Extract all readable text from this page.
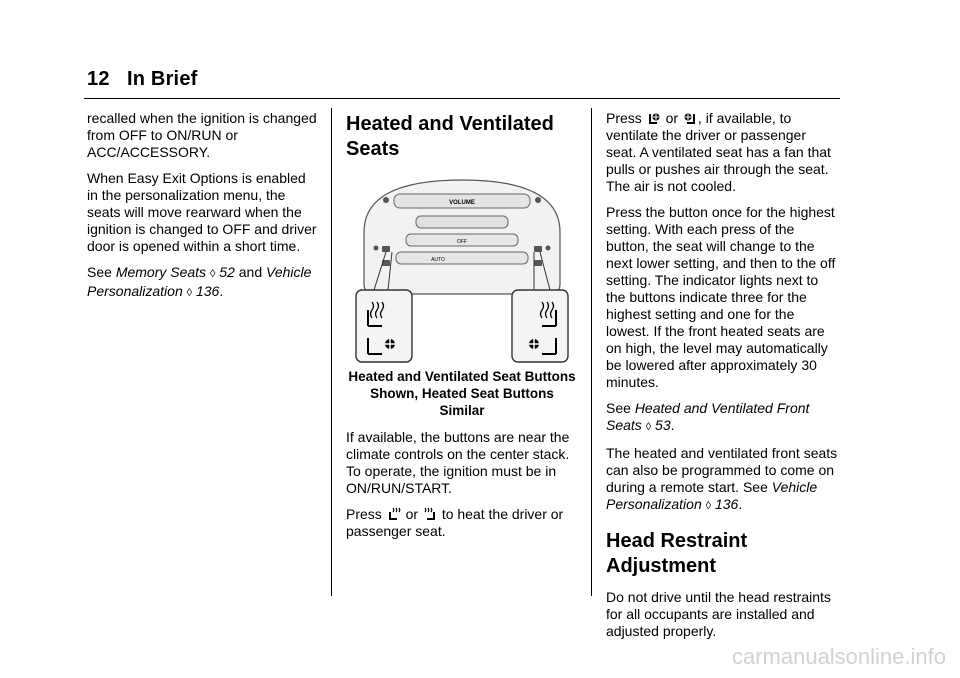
12 In Brief

recalled when the ignition is changed from OFF to ON/RUN or ACC/ACCESSORY.

When Easy Exit Options is enabled in the personalization menu, the seats will move rearward when the ignition is changed to OFF and driver door is opened within a short time.

See Memory Seats ◊ 52 and Vehicle Personalization ◊ 136.

Heated and Ventilated Seats
VOLUME
OFF
AUTO
Heated and Ventilated Seat Buttons Shown, Heated Seat Buttons Similar

If available, the buttons are near the climate controls on the center stack. To operate, the ignition must be in ON/RUN/START.

Press or to heat the driver or passenger seat.

Press or , if available, to ventilate the driver or passenger seat. A ventilated seat has a fan that pulls or pushes air through the seat. The air is not cooled.

Press the button once for the highest setting. With each press of the button, the seat will change to the next lower setting, and then to the off setting. The indicator lights next to the buttons indicate three for the highest setting and one for the lowest. If the front heated seats are on high, the level may automatically be lowered after approximately 30 minutes.

See Heated and Ventilated Front Seats ◊ 53.

The heated and ventilated front seats can also be programmed to come on during a remote start. See Vehicle Personalization ◊ 136.

Head Restraint Adjustment

Do not drive until the head restraints for all occupants are installed and adjusted properly.

carmanualsonline.info
